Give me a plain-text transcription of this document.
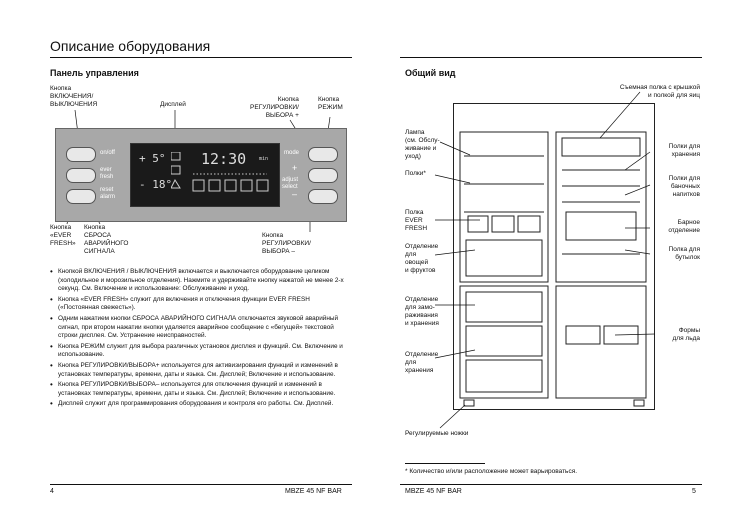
Описание оборудования
Панель управления
Кнопка
ВКЛЮЧЕНИЯ/
ВЫКЛЮЧЕНИЯ	Дисплей
Кнопка
РЕГУЛИРОВКИ/
ВЫБОРА +
Кнопка
РЕЖИМ
on/off
ever
fresh
reset
alarm
+ 5°
- 18°
12:30	min
mode
+
adjust
select
–
Кнопка
«EVER
FRESH»
Кнопка
СБРОСА
АВАРИЙНОГО
СИГНАЛА
Кнопка
РЕГУЛИРОВКИ/
ВЫБОРА –
• Кнопкой ВКЛЮЧЕНИЯ / ВЫКЛЮЧЕНИЯ включается и выключается оборудование целиком (холодильное и морозильное отделения). Нажмите и удерживайте кнопку нажатой не менее 2-х секунд. См. Включение и использование: Обслуживание и уход.
• Кнопка «EVER FRESH» служит для включения и отключения функции EVER FRESH («Постоянная свежесть»).
• Одним нажатием кнопки СБРОСА АВАРИЙНОГО СИГНАЛА отключается звуковой аварийный сигнал, при втором нажатии кнопки удаляется аварийное сообщение с «бегущей» текстовой строки дисплея. См. Устранение неисправностей.
• Кнопка РЕЖИМ служит для выбора различных установок дисплея и функций. См. Включение и использование.
• Кнопка РЕГУЛИРОВКИ/ВЫБОРА+ используется для активизирования функций и изменений в установках температуры, времени, даты и языка. См. Дисплей; Включение и использование.
• Кнопка РЕГУЛИРОВКИ/ВЫБОРА– используется для отключения функций и изменений в установках температуры, времени, даты и языка. См. Дисплей; Включение и использование.
• Дисплей служит для программирования оборудования и контроля его работы. См. Дисплей.
4	MBZE 45 NF BAR
Общий вид
Съемная полка с крышкой
и полкой для яиц
Лампа
(см. Обслу-
живание и
уход)
Полки*
Полки для
хранения
Полки для
баночных
напитков
Полка
EVER
FRESH
Барное
отделение
Полка для
бутылок
Отделение
для
овощей
и фруктов
Отделение
для замо-
раживания
и хранения
Отделение
для
хранения
Формы
для льда
Регулируемые ножки
* Количество и/или расположение может варьироваться.
MBZE 45 NF BAR	5
